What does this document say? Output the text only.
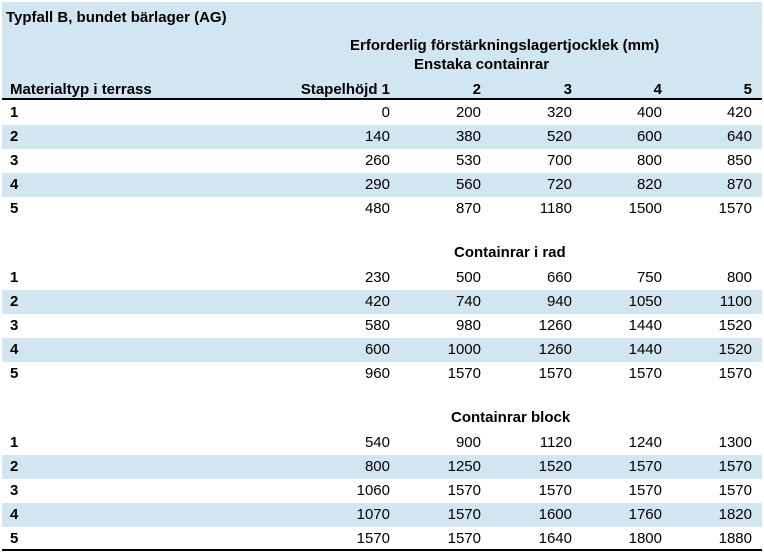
Typfall B, bundet bärlager (AG)
Erforderlig förstärkningslagertjocklek (mm)
Enstaka containrar
Materialtyp i terrass	Stapelhöjd 1	2	3	4	5
1	0	200	320	400	420
2	140	380	520	600	640
3	260	530	700	800	850
4	290	560	720	820	870
5	480	870	1180	1500	1570
Containrar i rad
1	230	500	660	750	800
2	420	740	940	1050	1100
3	580	980	1260	1440	1520
4	600	1000	1260	1440	1520
5	960	1570	1570	1570	1570
Containrar block
1	540	900	1120	1240	1300
2	800	1250	1520	1570	1570
3	1060	1570	1570	1570	1570
4	1070	1570	1600	1760	1820
5	1570	1570	1640	1800	1880
